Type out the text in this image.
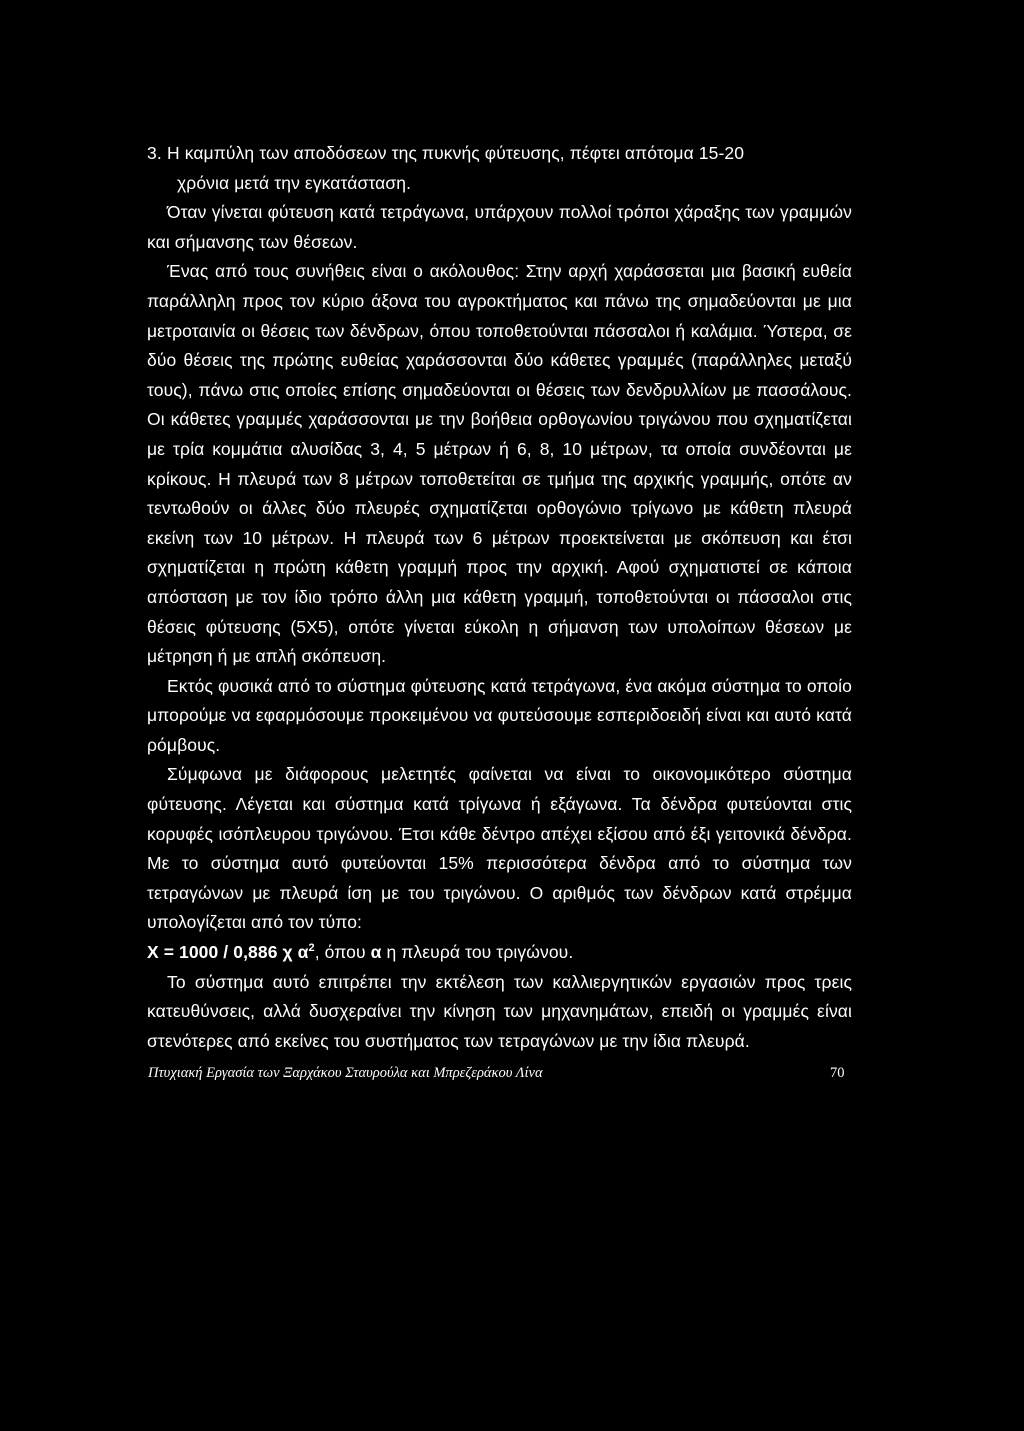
3. Η καμπύλη των αποδόσεων της πυκνής φύτευσης, πέφτει απότομα 15-20
χρόνια μετά την εγκατάσταση.

Όταν γίνεται φύτευση κατά τετράγωνα, υπάρχουν πολλοί τρόποι χάραξης των γραμμών και σήμανσης των θέσεων.

Ένας από τους συνήθεις είναι ο ακόλουθος: Στην αρχή χαράσσεται μια βασική ευθεία παράλληλη προς τον κύριο άξονα του αγροκτήματος και πάνω της σημαδεύονται με μια μετροταινία οι θέσεις των δένδρων, όπου τοποθετούνται πάσσαλοι ή καλάμια. Ύστερα, σε δύο θέσεις της πρώτης ευθείας χαράσσονται δύο κάθετες γραμμές (παράλληλες μεταξύ τους), πάνω στις οποίες επίσης σημαδεύονται οι θέσεις των δενδρυλλίων με πασσάλους. Οι κάθετες γραμμές χαράσσονται με την βοήθεια ορθογωνίου τριγώνου που σχηματίζεται με τρία κομμάτια αλυσίδας 3, 4, 5 μέτρων ή 6, 8, 10 μέτρων, τα οποία συνδέονται με κρίκους. Η πλευρά των 8 μέτρων τοποθετείται σε τμήμα της αρχικής γραμμής, οπότε αν τεντωθούν οι άλλες δύο πλευρές σχηματίζεται ορθογώνιο τρίγωνο με κάθετη πλευρά εκείνη των 10 μέτρων. Η πλευρά των 6 μέτρων προεκτείνεται με σκόπευση και έτσι σχηματίζεται η πρώτη κάθετη γραμμή προς την αρχική. Αφού σχηματιστεί σε κάποια απόσταση με τον ίδιο τρόπο άλλη μια κάθετη γραμμή, τοποθετούνται οι πάσσαλοι στις θέσεις φύτευσης (5Χ5), οπότε γίνεται εύκολη η σήμανση των υπολοίπων θέσεων με μέτρηση ή με απλή σκόπευση.

Εκτός φυσικά από το σύστημα φύτευσης κατά τετράγωνα, ένα ακόμα σύστημα το οποίο μπορούμε να εφαρμόσουμε προκειμένου να φυτεύσουμε εσπεριδοειδή είναι και αυτό κατά ρόμβους.

Σύμφωνα με διάφορους μελετητές φαίνεται να είναι το οικονομικότερο σύστημα φύτευσης. Λέγεται και σύστημα κατά τρίγωνα ή εξάγωνα. Τα δένδρα φυτεύονται στις κορυφές ισόπλευρου τριγώνου. Έτσι κάθε δέντρο απέχει εξίσου από έξι γειτονικά δένδρα. Με το σύστημα αυτό φυτεύονται 15% περισσότερα δένδρα από το σύστημα των τετραγώνων με πλευρά ίση με του τριγώνου. Ο αριθμός των δένδρων κατά στρέμμα υπολογίζεται από τον τύπο:

X = 1000 / 0,886 χ $\alpha^2$, όπου α η πλευρά του τριγώνου.

Το σύστημα αυτό επιτρέπει την εκτέλεση των καλλιεργητικών εργασιών προς τρεις κατευθύνσεις, αλλά δυσχεραίνει την κίνηση των μηχανημάτων, επειδή οι γραμμές είναι στενότερες από εκείνες του συστήματος των τετραγώνων με την ίδια πλευρά.

Πτυχιακή Εργασία των Ξαρχάκου Σταυρούλα και Μπρεζεράκου Λίνα	70
